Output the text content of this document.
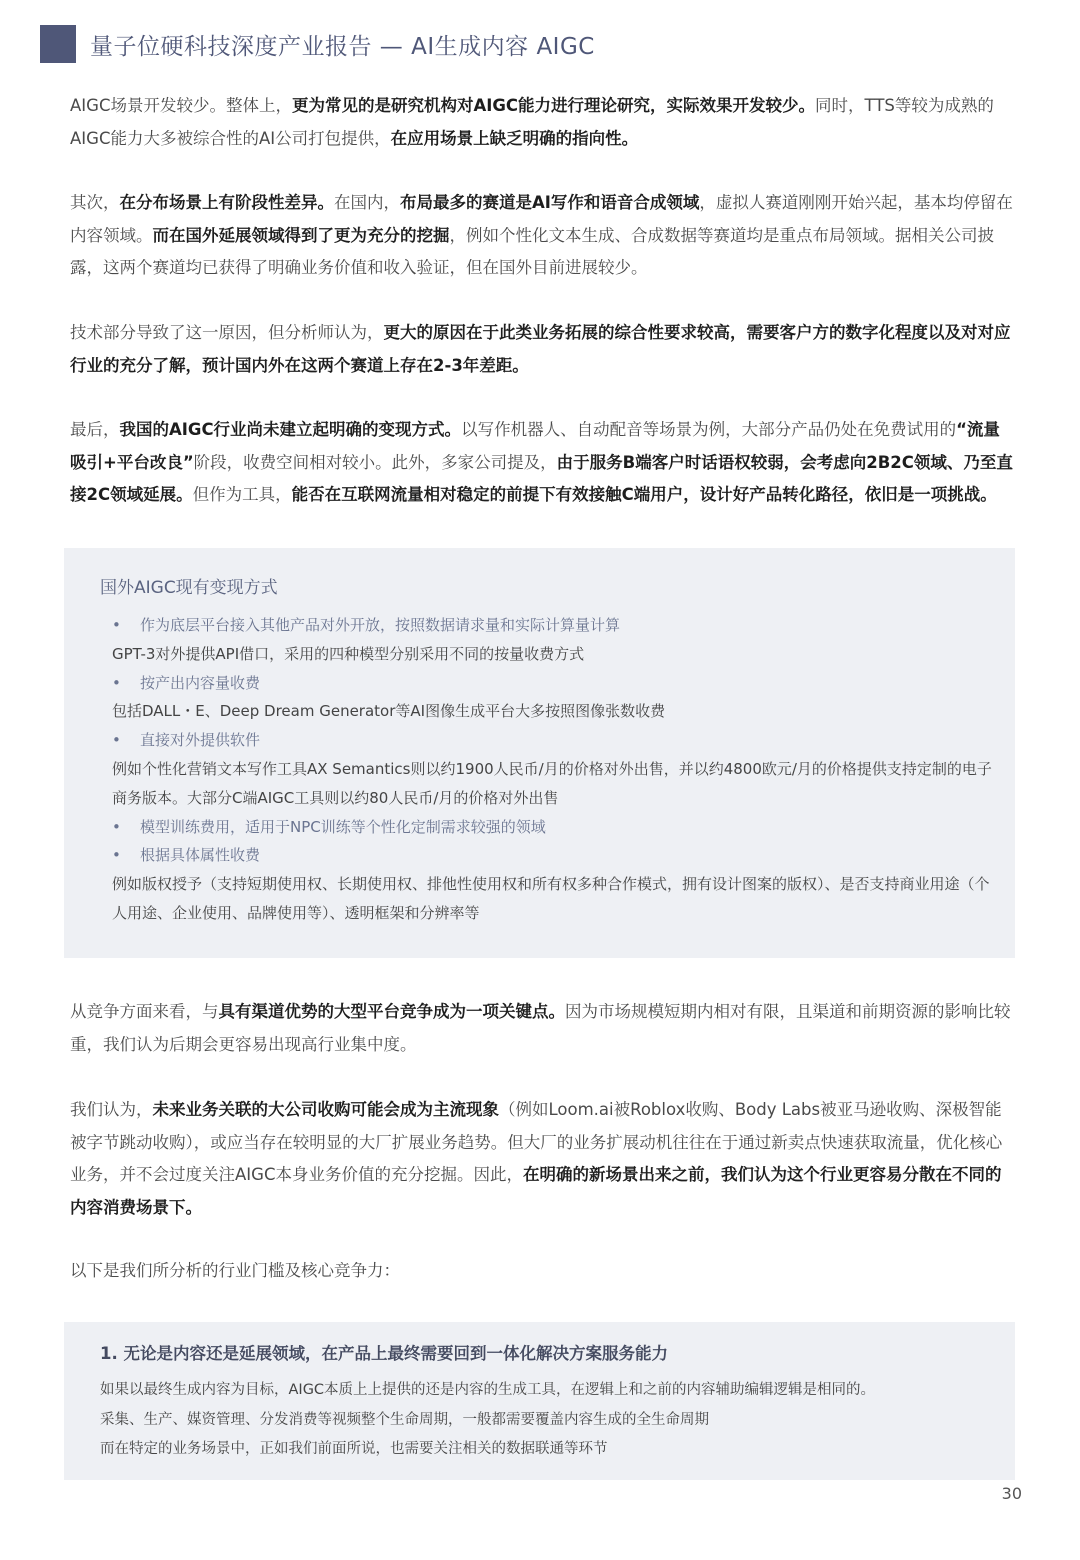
量子位硬科技深度产业报告 — AI生成内容 AIGC
AIGC场景开发较少。整体上，更为常见的是研究机构对AIGC能力进行理论研究，实际效果开发较少。同时，TTS等较为成熟的AIGC能力大多被综合性的AI公司打包提供，在应用场景上缺乏明确的指向性。
其次，在分布场景上有阶段性差异。在国内，布局最多的赛道是AI写作和语音合成领域，虚拟人赛道刚刚开始兴起，基本均停留在内容领域。而在国外延展领域得到了更为充分的挖掘，例如个性化文本生成、合成数据等赛道均是重点布局领域。据相关公司披露，这两个赛道均已获得了明确业务价值和收入验证，但在国外目前进展较少。
技术部分导致了这一原因，但分析师认为，更大的原因在于此类业务拓展的综合性要求较高，需要客户方的数字化程度以及对对应行业的充分了解，预计国内外在这两个赛道上存在2-3年差距。
最后，我国的AIGC行业尚未建立起明确的变现方式。以写作机器人、自动配音等场景为例，大部分产品仍处在免费试用的“流量吸引+平台改良”阶段，收费空间相对较小。此外，多家公司提及，由于服务B端客户时话语权较弱，会考虑向2B2C领域、乃至直接2C领域延展。但作为工具，能否在互联网流量相对稳定的前提下有效接触C端用户，设计好产品转化路径，依旧是一项挑战。
国外AIGC现有变现方式
• 作为底层平台接入其他产品对外开放，按照数据请求量和实际计算量计算
GPT-3对外提供API借口，采用的四种模型分别采用不同的按量收费方式
• 按产出内容量收费
包括DALL・E、Deep Dream Generator等AI图像生成平台大多按照图像张数收费
• 直接对外提供软件
例如个性化营销文本写作工具AX Semantics则以约1900人民币/月的价格对外出售，并以约4800欧元/月的价格提供支持定制的电子商务版本。大部分C端AIGC工具则以约80人民币/月的价格对外出售
• 模型训练费用，适用于NPC训练等个性化定制需求较强的领域
• 根据具体属性收费
例如版权授予（支持短期使用权、长期使用权、排他性使用权和所有权多种合作模式，拥有设计图案的版权）、是否支持商业用途（个人用途、企业使用、品牌使用等）、透明框架和分辨率等
从竞争方面来看，与具有渠道优势的大型平台竞争成为一项关键点。因为市场规模短期内相对有限，且渠道和前期资源的影响比较重，我们认为后期会更容易出现高行业集中度。
我们认为，未来业务关联的大公司收购可能会成为主流现象（例如Loom.ai被Roblox收购、Body Labs被亚马逊收购、深极智能被字节跳动收购），或应当存在较明显的大厂扩展业务趋势。但大厂的业务扩展动机往往在于通过新卖点快速获取流量，优化核心业务，并不会过度关注AIGC本身业务价值的充分挖掘。因此，在明确的新场景出来之前，我们认为这个行业更容易分散在不同的内容消费场景下。
以下是我们所分析的行业门槛及核心竞争力：
1. 无论是内容还是延展领域，在产品上最终需要回到一体化解决方案服务能力
如果以最终生成内容为目标，AIGC本质上上提供的还是内容的生成工具，在逻辑上和之前的内容辅助编辑逻辑是相同的。
采集、生产、媒资管理、分发消费等视频整个生命周期，一般都需要覆盖内容生成的全生命周期
而在特定的业务场景中，正如我们前面所说，也需要关注相关的数据联通等环节
30
